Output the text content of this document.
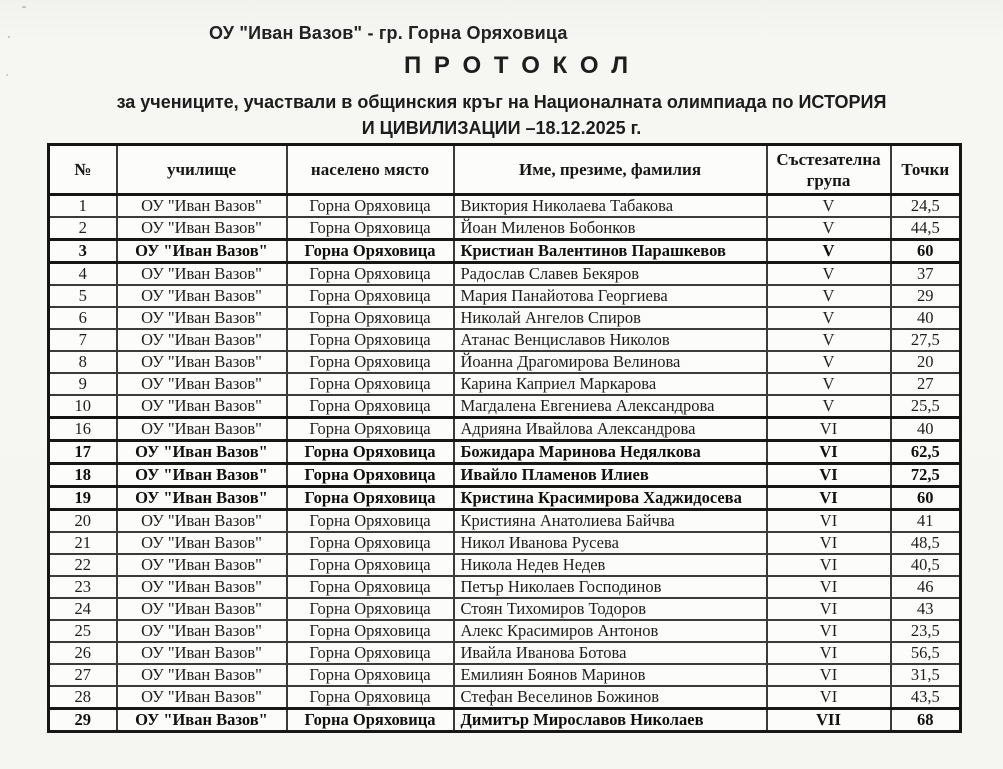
ОУ "Иван Вазов" - гр. Горна Оряховица
П Р О Т О К О Л
за учениците, участвали в общинския кръг на Националната олимпиада по ИСТОРИЯ
И ЦИВИЛИЗАЦИИ –18.12.2025 г.
№	училище	населено място	Име, презиме, фамилия	Състезателна група	Точки
1	ОУ "Иван Вазов"	Горна Оряховица	Виктория Николаева Табакова	V	24,5
2	ОУ "Иван Вазов"	Горна Оряховица	Йоан Миленов Бобонков	V	44,5
3	ОУ "Иван Вазов"	Горна Оряховица	Кристиан Валентинов Парашкевов	V	60
4	ОУ "Иван Вазов"	Горна Оряховица	Радослав Славев Бекяров	V	37
5	ОУ "Иван Вазов"	Горна Оряховица	Мария Панайотова Георгиева	V	29
6	ОУ "Иван Вазов"	Горна Оряховица	Николай Ангелов Спиров	V	40
7	ОУ "Иван Вазов"	Горна Оряховица	Атанас Венциславов Николов	V	27,5
8	ОУ "Иван Вазов"	Горна Оряховица	Йоанна Драгомирова Велинова	V	20
9	ОУ "Иван Вазов"	Горна Оряховица	Карина Каприел Маркарова	V	27
10	ОУ "Иван Вазов"	Горна Оряховица	Магдалена Евгениева Александрова	V	25,5
16	ОУ "Иван Вазов"	Горна Оряховица	Адрияна Ивайлова Александрова	VI	40
17	ОУ "Иван Вазов"	Горна Оряховица	Божидара Маринова Недялкова	VI	62,5
18	ОУ "Иван Вазов"	Горна Оряховица	Ивайло Пламенов Илиев	VI	72,5
19	ОУ "Иван Вазов"	Горна Оряховица	Кристина Красимирова Хаджидосева	VI	60
20	ОУ "Иван Вазов"	Горна Оряховица	Кристияна Анатолиева Байчва	VI	41
21	ОУ "Иван Вазов"	Горна Оряховица	Никол Иванова Русева	VI	48,5
22	ОУ "Иван Вазов"	Горна Оряховица	Никола Недев Недев	VI	40,5
23	ОУ "Иван Вазов"	Горна Оряховица	Петър Николаев Господинов	VI	46
24	ОУ "Иван Вазов"	Горна Оряховица	Стоян Тихомиров Тодоров	VI	43
25	ОУ "Иван Вазов"	Горна Оряховица	Алекс Красимиров Антонов	VI	23,5
26	ОУ "Иван Вазов"	Горна Оряховица	Ивайла Иванова Ботова	VI	56,5
27	ОУ "Иван Вазов"	Горна Оряховица	Емилиян Боянов Маринов	VI	31,5
28	ОУ "Иван Вазов"	Горна Оряховица	Стефан Веселинов Божинов	VI	43,5
29	ОУ "Иван Вазов"	Горна Оряховица	Димитър Мирославов Николаев	VII	68
